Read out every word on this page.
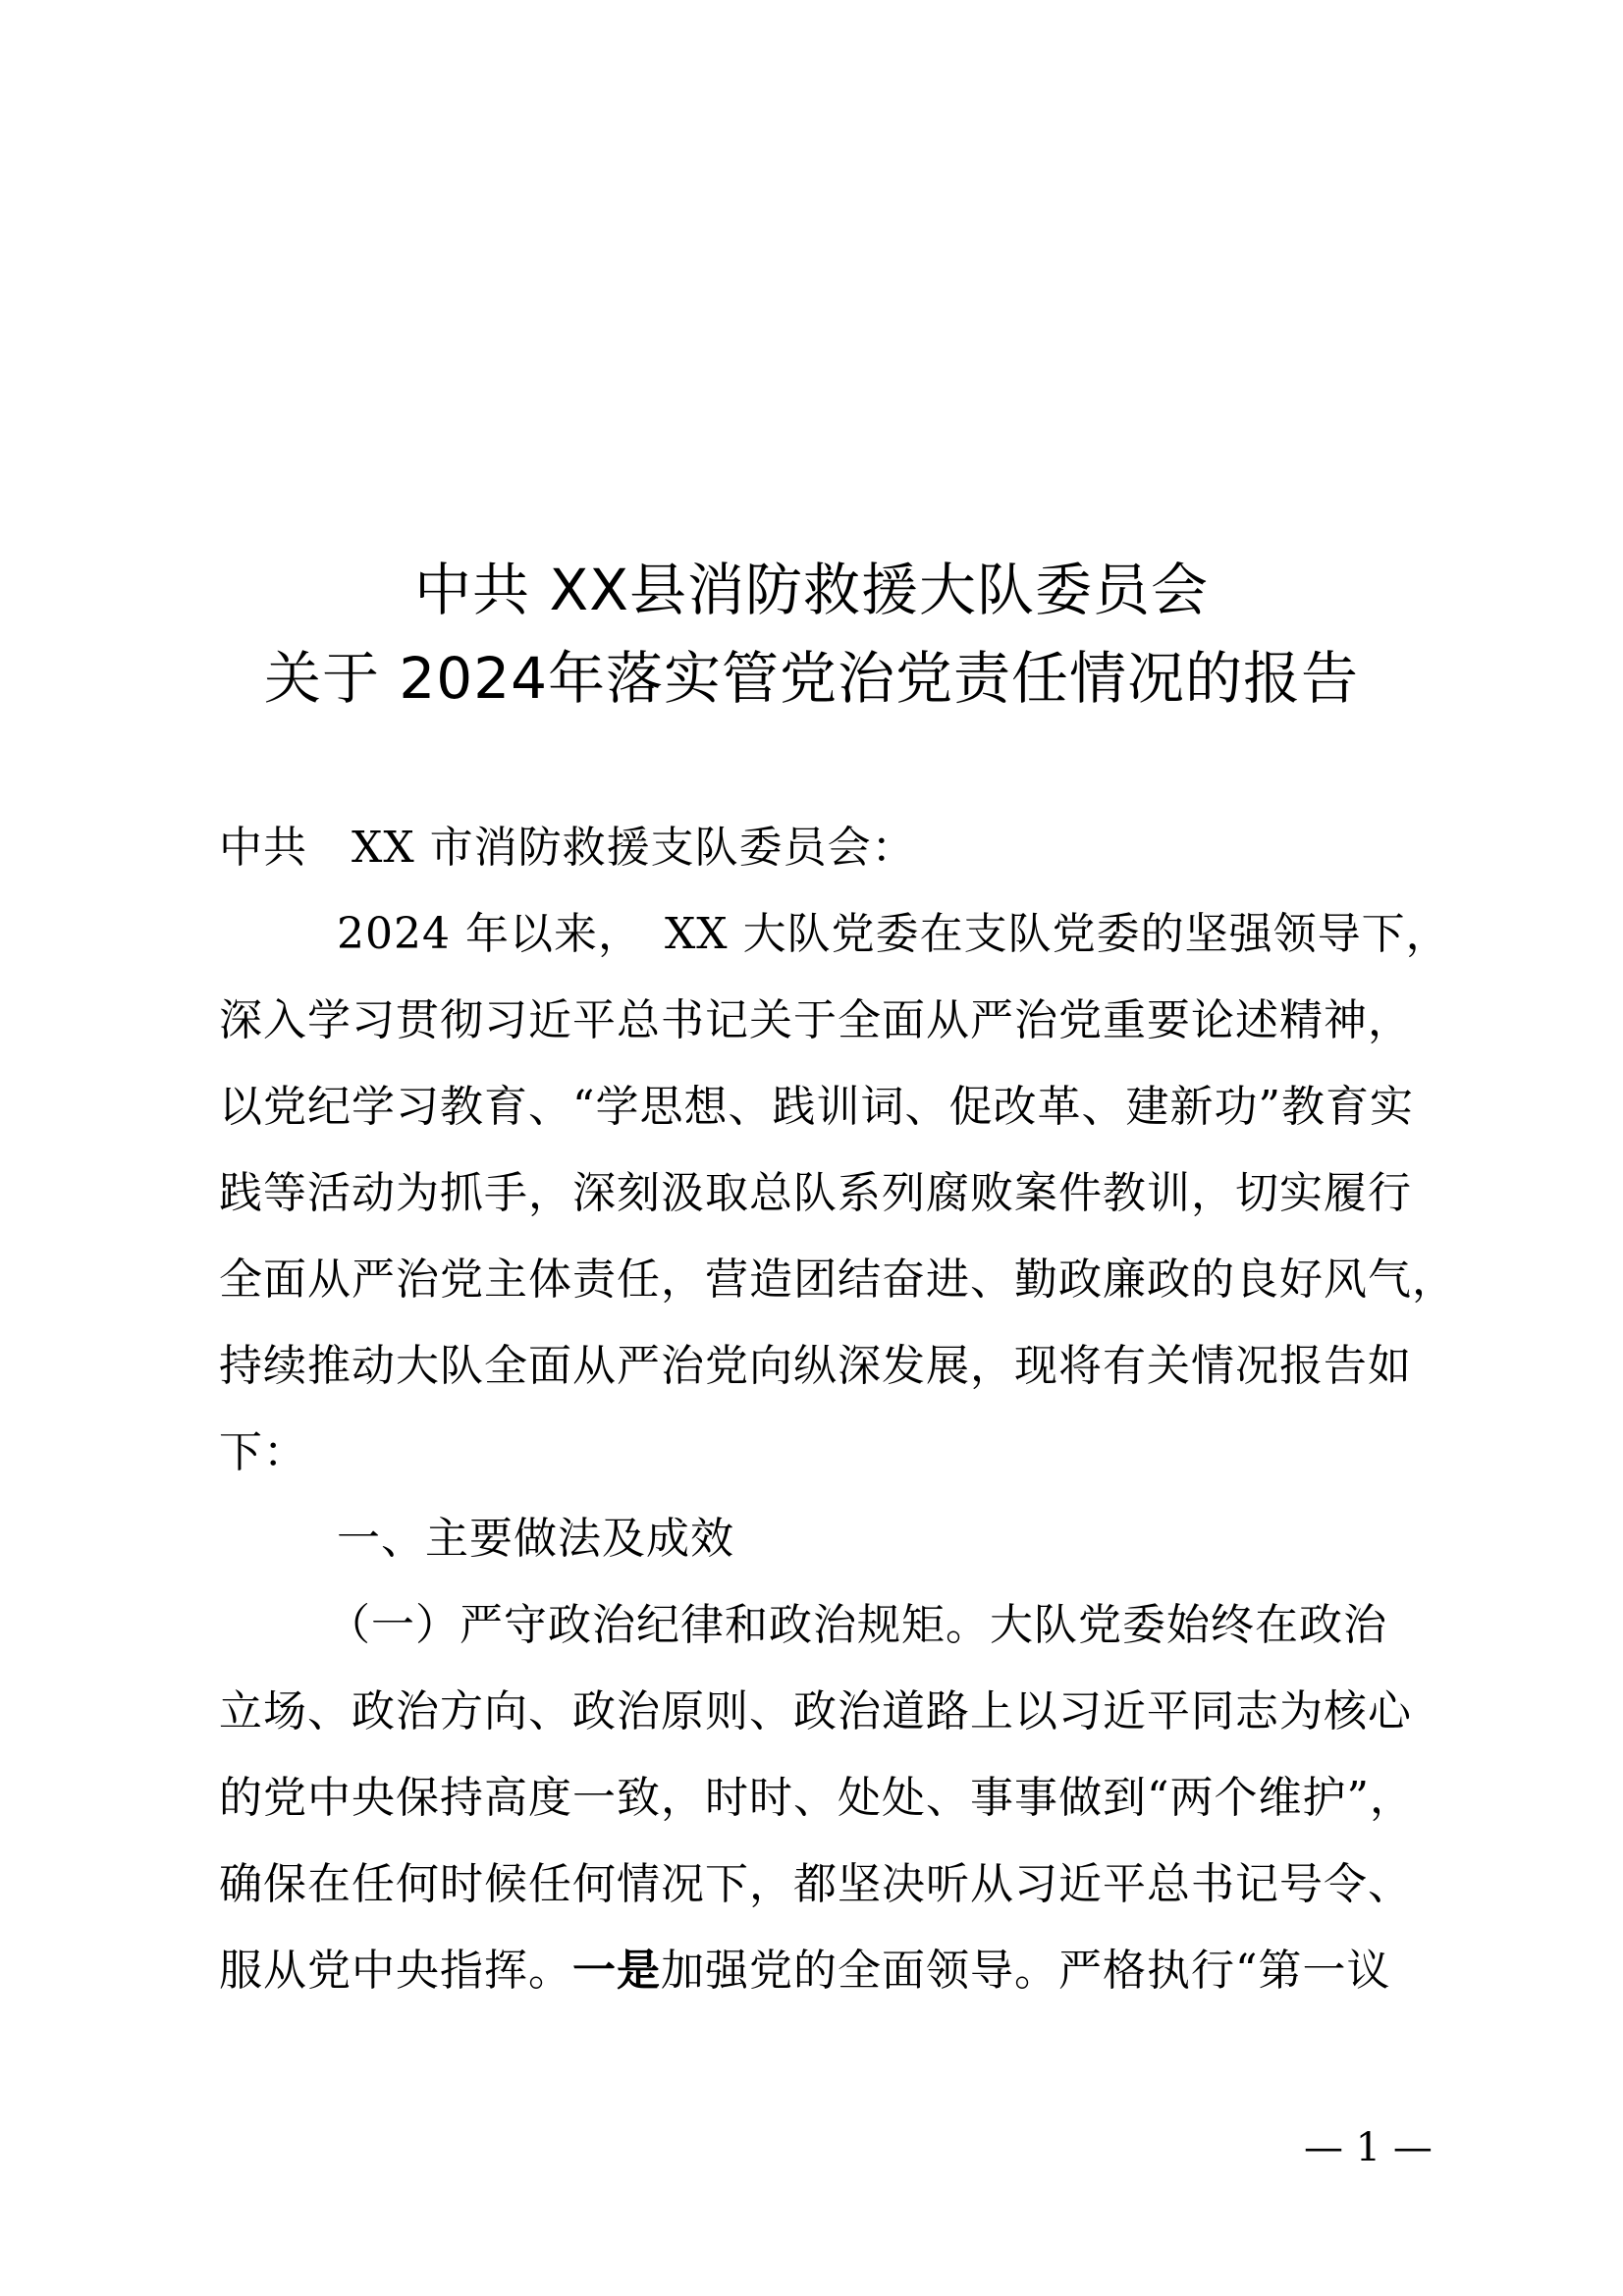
中共 XX县消防救援大队委员会
关于 2024年落实管党治党责任情况的报告
中共　XX 市消防救援支队委员会：
2024 年以来，　XX 大队党委在支队党委的坚强领导下，
深入学习贯彻习近平总书记关于全面从严治党重要论述精神，
以党纪学习教育、“学思想、践训词、促改革、建新功”教育实
践等活动为抓手，深刻汲取总队系列腐败案件教训，切实履行
全面从严治党主体责任，营造团结奋进、勤政廉政的良好风气，
持续推动大队全面从严治党向纵深发展，现将有关情况报告如
下：
一、主要做法及成效
（一）严守政治纪律和政治规矩。大队党委始终在政治
立场、政治方向、政治原则、政治道路上以习近平同志为核心
的党中央保持高度一致，时时、处处、事事做到“两个维护”，
确保在任何时候任何情况下，都坚决听从习近平总书记号令、
服从党中央指挥。一是加强党的全面领导。严格执行“第一议
— 1 —
